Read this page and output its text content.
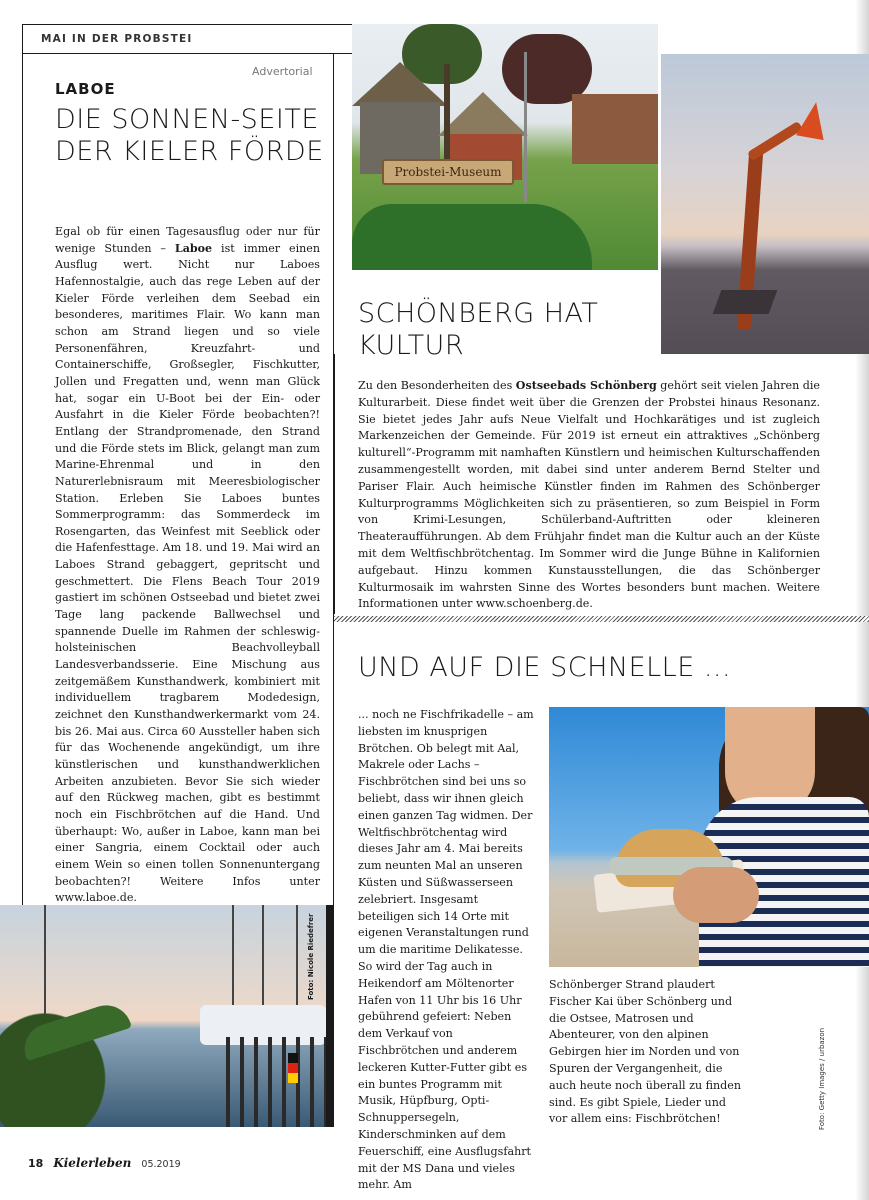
MAI IN DER PROBSTEI
Advertorial
LABOE
DIE SONNEN-SEITE DER KIELER FÖRDE

Egal ob für einen Tagesausflug oder nur für wenige Stunden – Laboe ist immer einen Ausflug wert. Nicht nur Laboes Hafennostalgie, auch das rege Leben auf der Kieler Förde verleihen dem Seebad ein besonderes, maritimes Flair. Wo kann man schon am Strand liegen und so viele Personenfähren, Kreuzfahrt- und Containerschiffe, Großsegler, Fischkutter, Jollen und Fregatten und, wenn man Glück hat, sogar ein U-Boot bei der Ein- oder Ausfahrt in die Kieler Förde beobachten?! Entlang der Strandpromenade, den Strand und die Förde stets im Blick, gelangt man zum Marine-Ehrenmal und in den Naturerlebnisraum mit Meeresbiologischer Station. Erleben Sie Laboes buntes Sommerprogramm: das Sommerdeck im Rosengarten, das Weinfest mit Seeblick oder die Hafenfesttage. Am 18. und 19. Mai wird an Laboes Strand gebaggert, gepritscht und geschmettert. Die Flens Beach Tour 2019 gastiert im schönen Ostseebad und bietet zwei Tage lang packende Ballwechsel und spannende Duelle im Rahmen der schleswig-holsteinischen Beachvolleyball Landesverbandsserie. Eine Mischung aus zeitgemäßem Kunsthandwerk, kombiniert mit individuellem tragbarem Modedesign, zeichnet den Kunsthandwerkermarkt vom 24. bis 26. Mai aus. Circa 60 Aussteller haben sich für das Wochenende angekündigt, um ihre künstlerischen und kunsthandwerklichen Arbeiten anzubieten. Bevor Sie sich wieder auf den Rückweg machen, gibt es bestimmt noch ein Fischbrötchen auf die Hand. Und überhaupt: Wo, außer in Laboe, kann man bei einer Sangria, einem Cocktail oder auch einem Wein so einen tollen Sonnenuntergang beobachten?! Weitere Infos unter www.laboe.de.

Probstei-Museum
SCHÖNBERG HAT KULTUR

Zu den Besonderheiten des Ostseebads Schönberg gehört seit vielen Jahren die Kulturarbeit. Diese findet weit über die Grenzen der Probstei hinaus Resonanz. Sie bietet jedes Jahr aufs Neue Vielfalt und Hochkarätiges und ist zugleich Markenzeichen der Gemeinde. Für 2019 ist erneut ein attraktives „Schönberg kulturell“-Programm mit namhaften Künstlern und heimischen Kulturschaffenden zusammengestellt worden, mit dabei sind unter anderem Bernd Stelter und Pariser Flair. Auch heimische Künstler finden im Rahmen des Schönberger Kulturprogramms Möglichkeiten sich zu präsentieren, so zum Beispiel in Form von Krimi-Lesungen, Schülerband-Auftritten oder kleineren Theateraufführungen. Ab dem Frühjahr findet man die Kultur auch an der Küste mit dem Weltfischbrötchentag. Im Sommer wird die Junge Bühne in Kalifornien aufgebaut. Hinzu kommen Kunstausstellungen, die das Schönberger Kulturmosaik im wahrsten Sinne des Wortes besonders bunt machen. Weitere Informationen unter www.schoenberg.de.

UND AUF DIE SCHNELLE ...

... noch ne Fischfrikadelle – am liebsten im knusprigen Brötchen. Ob belegt mit Aal, Makrele oder Lachs – Fischbrötchen sind bei uns so beliebt, dass wir ihnen gleich einen ganzen Tag widmen. Der Weltfischbrötchentag wird dieses Jahr am 4. Mai bereits zum neunten Mal an unseren Küsten und Süßwasserseen zelebriert. Insgesamt beteiligen sich 14 Orte mit eigenen Veranstaltungen rund um die maritime Delikatesse. So wird der Tag auch in Heikendorf am Möltenorter Hafen von 11 Uhr bis 16 Uhr gebührend gefeiert: Neben dem Verkauf von Fischbrötchen und anderem leckeren Kutter-Futter gibt es ein buntes Programm mit Musik, Hüpfburg, Opti-Schnuppersegeln, Kinderschminken auf dem Feuerschiff, eine Ausflugsfahrt mit der MS Dana und vieles mehr. Am

Schönberger Strand plaudert Fischer Kai über Schönberg und die Ostsee, Matrosen und Abenteurer, von den alpinen Gebirgen hier im Norden und von Spuren der Vergangenheit, die auch heute noch überall zu finden sind. Es gibt Spiele, Lieder und vor allem eins: Fischbrötchen!

Foto: Nicole Riedefrer
Foto: Getty Images / urbazon
18 Kielerleben 05.2019
